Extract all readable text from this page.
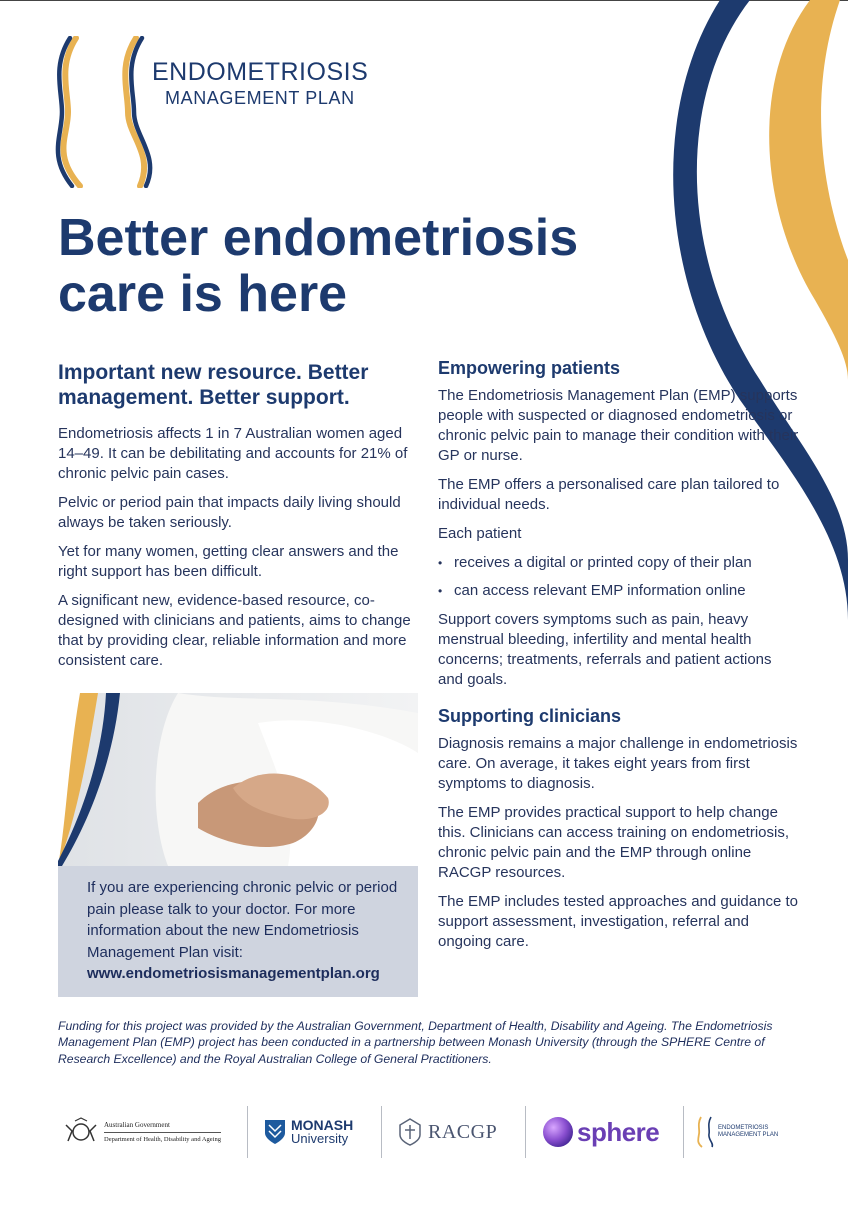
ENDOMETRIOSIS
MANAGEMENT PLAN
Better endometriosis care is here
Important new resource. Better management. Better support.

Endometriosis affects 1 in 7 Australian women aged 14–49. It can be debilitating and accounts for 21% of chronic pelvic pain cases.

Pelvic or period pain that impacts daily living should always be taken seriously.

Yet for many women, getting clear answers and the right support has been difficult.

A significant new, evidence-based resource, co-designed with clinicians and patients, aims to change that by providing clear, reliable information and more consistent care.

If you are experiencing chronic pelvic or period pain please talk to your doctor. For more information about the new Endometriosis Management Plan visit:

www.endometriosismanagementplan.org
Empowering patients

The Endometriosis Management Plan (EMP) supports people with suspected or diagnosed endometriosis or chronic pelvic pain to manage their condition with their GP or nurse.

The EMP offers a personalised care plan tailored to individual needs.

Each patient

• receives a digital or printed copy of their plan
• can access relevant EMP information online

Support covers symptoms such as pain, heavy menstrual bleeding, infertility and mental health concerns; treatments, referrals and patient actions and goals.

Supporting clinicians

Diagnosis remains a major challenge in endometriosis care. On average, it takes eight years from first symptoms to diagnosis.

The EMP provides practical support to help change this. Clinicians can access training on endometriosis, chronic pelvic pain and the EMP through online RACGP resources.

The EMP includes tested approaches and guidance to support assessment, investigation, referral and ongoing care.

Funding for this project was provided by the Australian Government, Department of Health, Disability and Ageing. The Endometriosis Management Plan (EMP) project has been conducted in a partnership between Monash University (through the SPHERE Centre of Research Excellence) and the Royal Australian College of General Practitioners.

Australian Government
Department of Health, Disability and Ageing
MONASH
University	RACGP	sphere	ENDOMETRIOSIS
MANAGEMENT PLAN
